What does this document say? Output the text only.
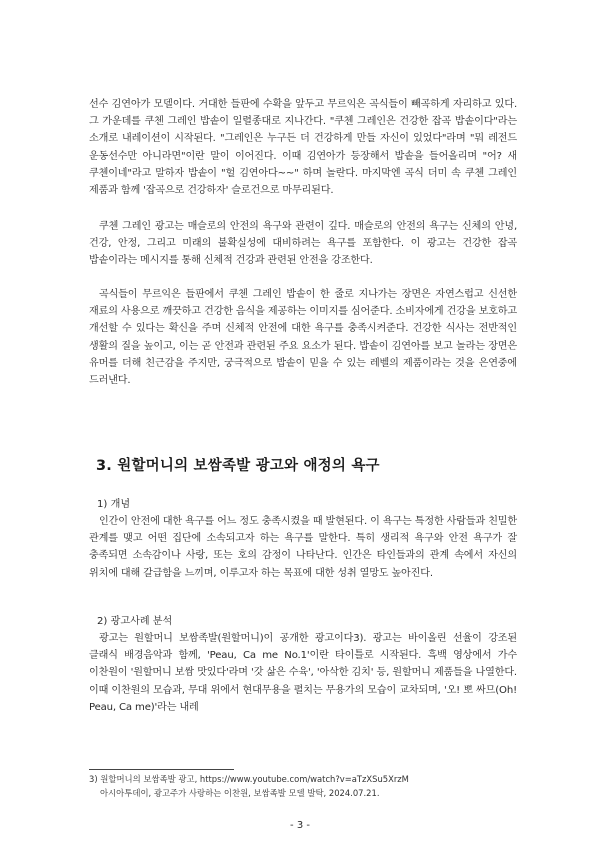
선수 김연아가 모델이다. 거대한 들판에 수확을 앞두고 무르익은 곡식들이 빼곡하게 자리하고 있다. 그 가운데를 쿠첸 그레인 밥솥이 일렬종대로 지나간다. "쿠첸 그레인은 건강한 잡곡 밥솥이다"라는 소개로 내레이션이 시작된다. "그레인은 누구든 더 건강하게 만들 자신이 있었다"라며 "뭐 레전드 운동선수만 아니라면"이란 말이 이어진다. 이때 김연아가 등장해서 밥솥을 들어올리며 "어? 새 쿠첸이네"라고 말하자 밥솥이 "헐 김연아다~~" 하며 놀란다. 마지막엔 곡식 더미 속 쿠첸 그레인 제품과 함께 '잡곡으로 건강하자' 슬로건으로 마무리된다.

쿠첸 그레인 광고는 매슬로의 안전의 욕구와 관련이 깊다. 매슬로의 안전의 욕구는 신체의 안녕, 건강, 안정, 그리고 미래의 불확실성에 대비하려는 욕구를 포함한다. 이 광고는 건강한 잡곡 밥솥이라는 메시지를 통해 신체적 건강과 관련된 안전을 강조한다.

곡식들이 무르익은 들판에서 쿠첸 그레인 밥솥이 한 줄로 지나가는 장면은 자연스럽고 신선한 재료의 사용으로 깨끗하고 건강한 음식을 제공하는 이미지를 심어준다. 소비자에게 건강을 보호하고 개선할 수 있다는 확신을 주며 신체적 안전에 대한 욕구를 충족시켜준다. 건강한 식사는 전반적인 생활의 질을 높이고, 이는 곧 안전과 관련된 주요 요소가 된다. 밥솥이 김연아를 보고 놀라는 장면은 유머를 더해 친근감을 주지만, 궁극적으로 밥솥이 믿을 수 있는 레벨의 제품이라는 것을 은연중에 드러낸다.

3. 원할머니의 보쌈족발 광고와 애정의 욕구

1) 개념

인간이 안전에 대한 욕구를 어느 정도 충족시켰을 때 발현된다. 이 욕구는 특정한 사람들과 친밀한 관계를 맺고 어떤 집단에 소속되고자 하는 욕구를 말한다. 특히 생리적 욕구와 안전 욕구가 잘 충족되면 소속감이나 사랑, 또는 호의 감정이 나타난다. 인간은 타인들과의 관계 속에서 자신의 위치에 대해 갈급함을 느끼며, 이루고자 하는 목표에 대한 성취 열망도 높아진다.

2) 광고사례 분석

광고는 원할머니 보쌈족발(원할머니)이 공개한 광고이다3). 광고는 바이올린 선율이 강조된 클래식 배경음악과 함께, 'Peau, Ca me No.1'이란 타이틀로 시작된다. 흑백 영상에서 가수 이찬원이 '원할머니 보쌈 맛있다'라며 '갓 삶은 수육', '아삭한 김치' 등, 원할머니 제품들을 나열한다. 이때 이찬원의 모습과, 무대 위에서 현대무용을 펼치는 무용가의 모습이 교차되며, '오! 뽀 싸므(Oh! Peau, Ca me)'라는 내레

3) 원할머니의 보쌈족발 광고, https://www.youtube.com/watch?v=aTzXSu5XrzM
아시아투데이, 광고주가 사랑하는 이찬원, 보쌈족발 모델 발탁, 2024.07.21.

- 3 -
